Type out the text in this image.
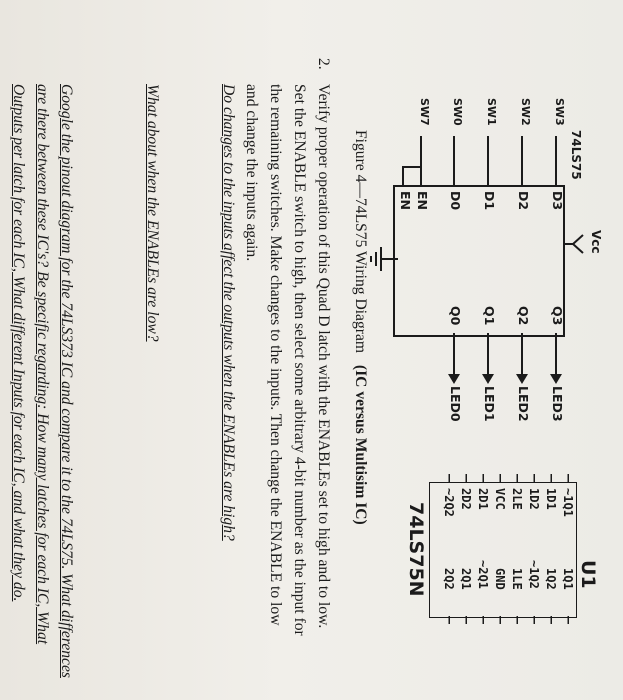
Vcc
74LS75
SW3
D3
SW2
D2
SW1
D1
SW0
D0
SW7
EN
EN
Q3
LED3
Q2
LED2
Q1
LED1
Q0
LED0
U1
~1Q1
1D1
1D2
2LE
VCC
2D1
2D2
~2Q2
1Q1
1Q2
~1Q2
1LE
GND
~2Q1
2Q1
2Q2
74LS75N
Figure 4—74LS75 Wiring Diagram (IC versus Multisim IC)
2.
Verify proper operation of this Quad D latch with the ENABLEs set to high and to low.
Set the ENABLE switch to high, then select some arbitrary 4-bit number as the input for
the remaining switches. Make changes to the inputs. Then change the ENABLE to low
and change the inputs again.
Do changes to the inputs affect the outputs when the ENABLEs are high?
What about when the ENABLEs are low?
Google the pinout diagram for the 74LS373 IC and compare it to the 74LS75. What differences
are there between these IC's? Be specific regarding: How many latches for each IC, What
Outputs per latch for each IC, What different Inputs for each IC, and what they do.
